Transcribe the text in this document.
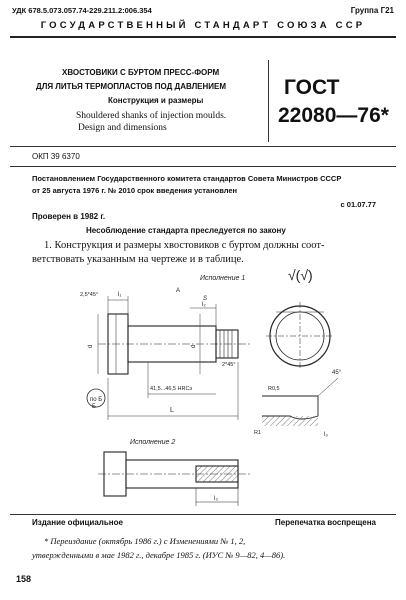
УДК 678.5.073.057.74-229.211.2:006.354	Группа Г21
ГОСУДАРСТВЕННЫЙ СТАНДАРТ СОЮЗА ССР
ХВОСТОВИКИ С БУРТОМ ПРЕСС-ФОРМ
ДЛЯ ЛИТЬЯ ТЕРМОПЛАСТОВ ПОД ДАВЛЕНИЕМ
Конструкция и размеры
Shouldered shanks of injection moulds.
Design and dimensions
ГОСТ
22080—76*
ОКП 39 6370
Постановлением Государственного комитета стандартов Совета Министров СССР
от 25 августа 1976 г. № 2010 срок введения установлен
с 01.07.77
Проверен в 1982 г.
Несоблюдение стандарта преследуется по закону
1. Конструкция и размеры хвостовиков с буртом должны соот-
ветствовать указанным на чертеже и в таблице.
Исполнение 1	√(√)
2,5*45°
2*45°
41,5...46,5 HRCэ
l₁
L
l₂
S
d	d
по Б
A
45°
R0,5
R1	l₃
Исполнение 2
l₃
Б
Издание официальное	Перепечатка воспрещена
* Переиздание (октябрь 1986 г.) с Изменениями № 1, 2,
утвержденными в мае 1982 г., декабре 1985 г. (ИУС № 9—82, 4—86).
158
